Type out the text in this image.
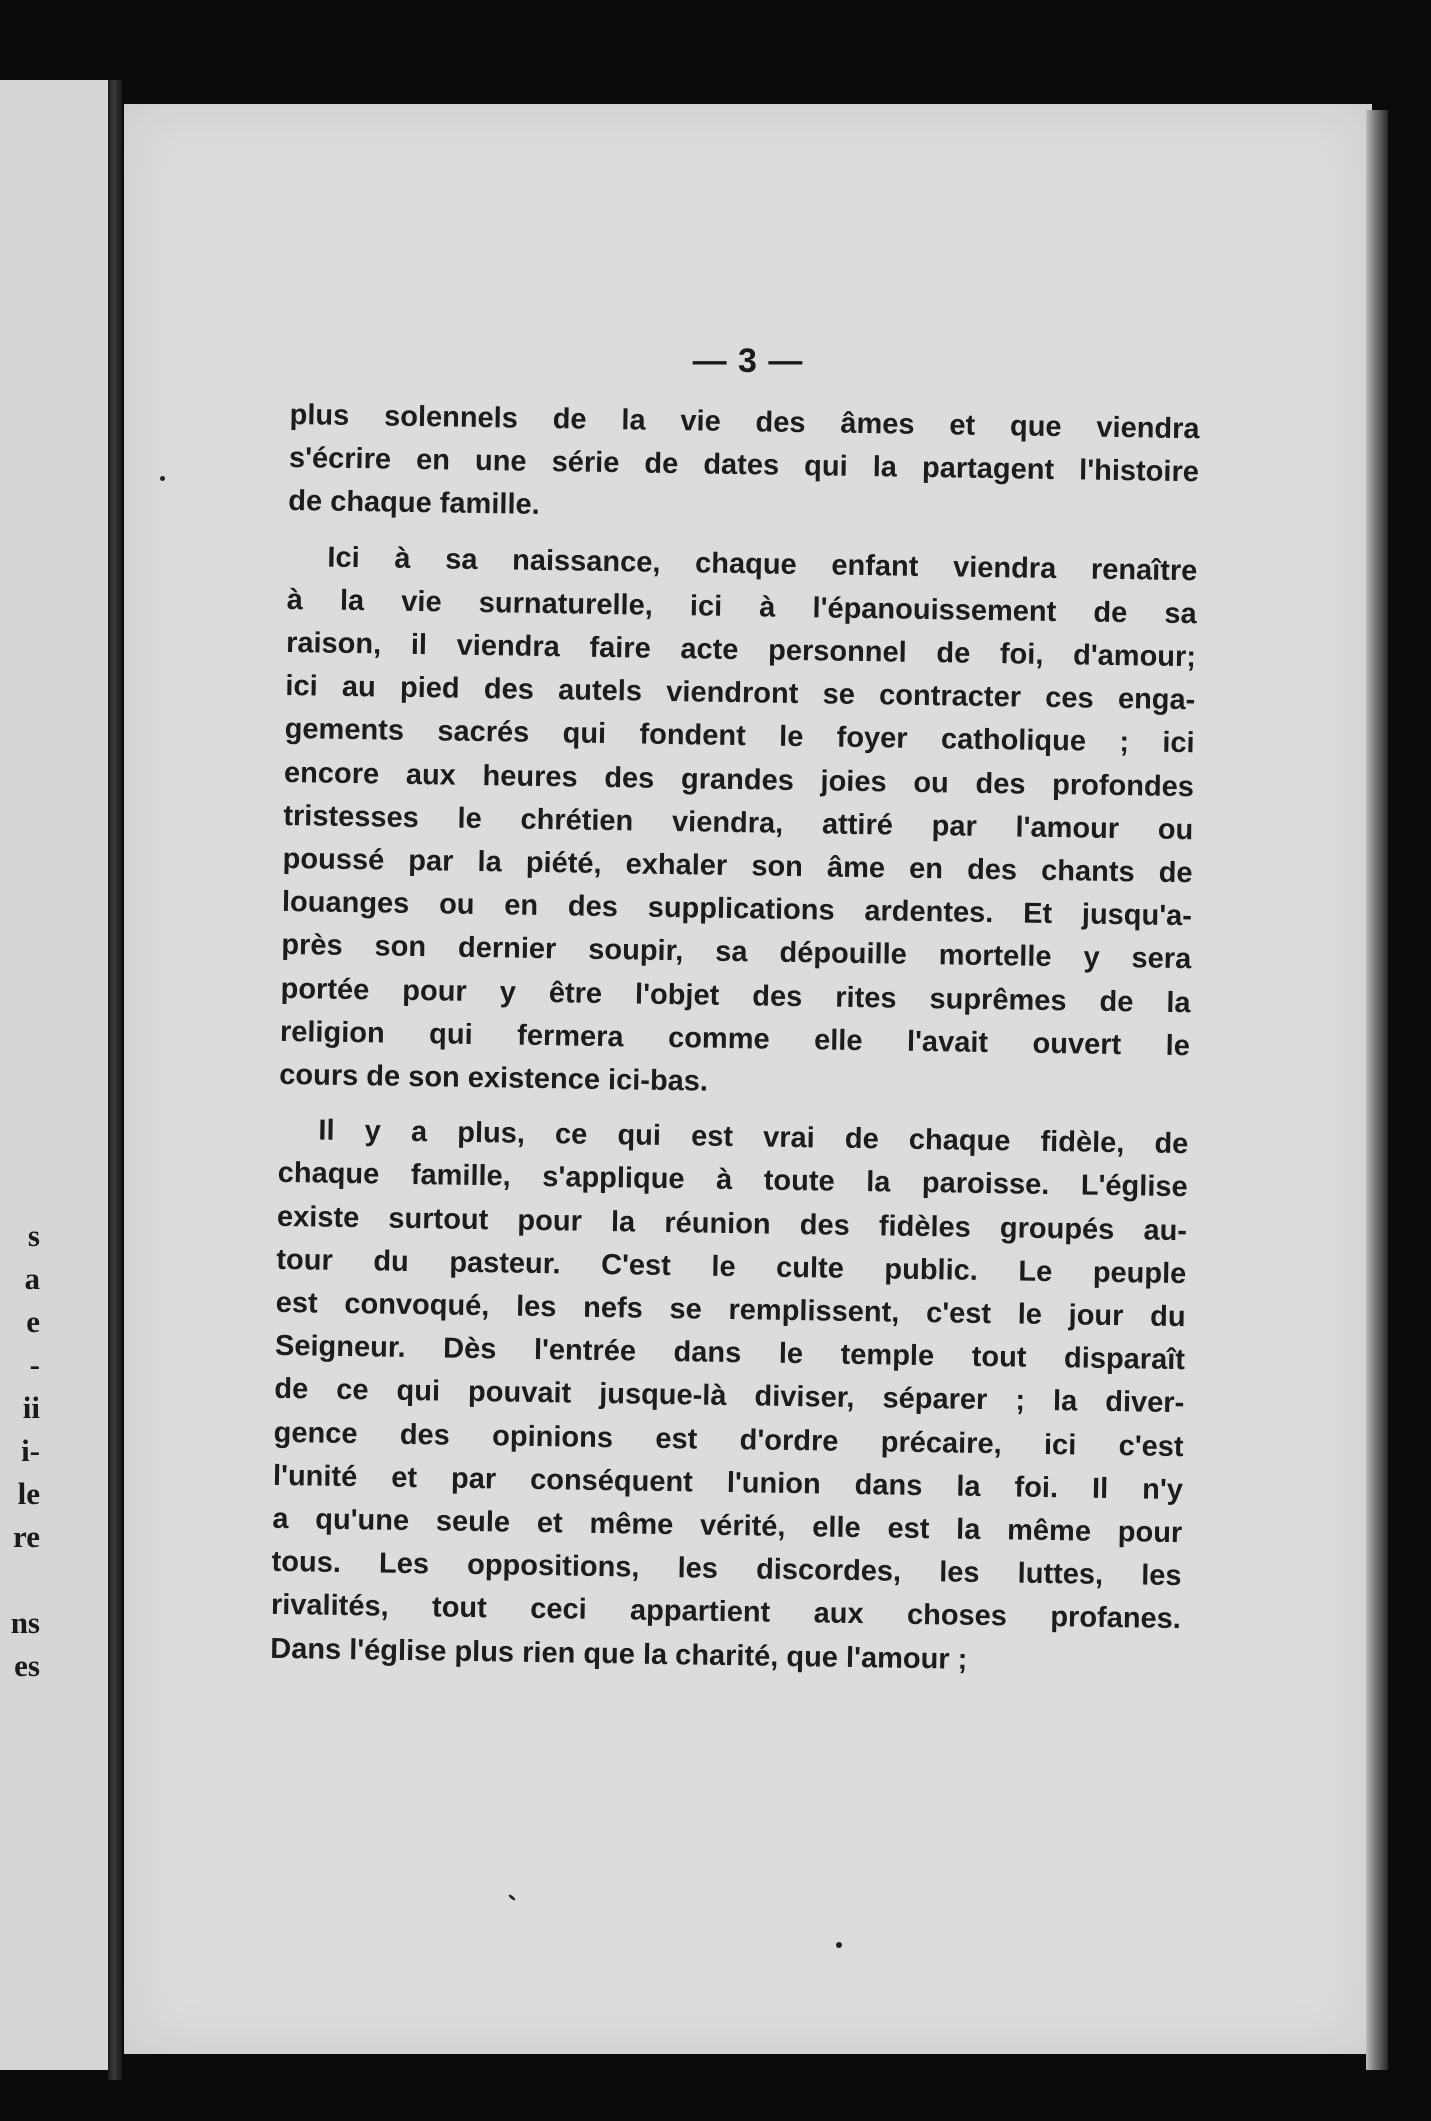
s
a
e
-
ii
i-
le
re
ns
es
— 3 —

plus solennels de la vie des âmes et que viendra
s'écrire en une série de dates qui la partagent l'histoire
de chaque famille.

Ici à sa naissance, chaque enfant viendra renaître
à la vie surnaturelle, ici à l'épanouissement de sa
raison, il viendra faire acte personnel de foi, d'amour;
ici au pied des autels viendront se contracter ces enga-
gements sacrés qui fondent le foyer catholique ; ici
encore aux heures des grandes joies ou des profondes
tristesses le chrétien viendra, attiré par l'amour ou
poussé par la piété, exhaler son âme en des chants de
louanges ou en des supplications ardentes. Et jusqu'a-
près son dernier soupir, sa dépouille mortelle y sera
portée pour y être l'objet des rites suprêmes de la
religion qui fermera comme elle l'avait ouvert le
cours de son existence ici-bas.

Il y a plus, ce qui est vrai de chaque fidèle, de
chaque famille, s'applique à toute la paroisse. L'église
existe surtout pour la réunion des fidèles groupés au-
tour du pasteur. C'est le culte public. Le peuple
est convoqué, les nefs se remplissent, c'est le jour du
Seigneur. Dès l'entrée dans le temple tout disparaît
de ce qui pouvait jusque-là diviser, séparer ; la diver-
gence des opinions est d'ordre précaire, ici c'est
l'unité et par conséquent l'union dans la foi. Il n'y
a qu'une seule et même vérité, elle est la même pour
tous. Les oppositions, les discordes, les luttes, les
rivalités, tout ceci appartient aux choses profanes.
Dans l'église plus rien que la charité, que l'amour ;
